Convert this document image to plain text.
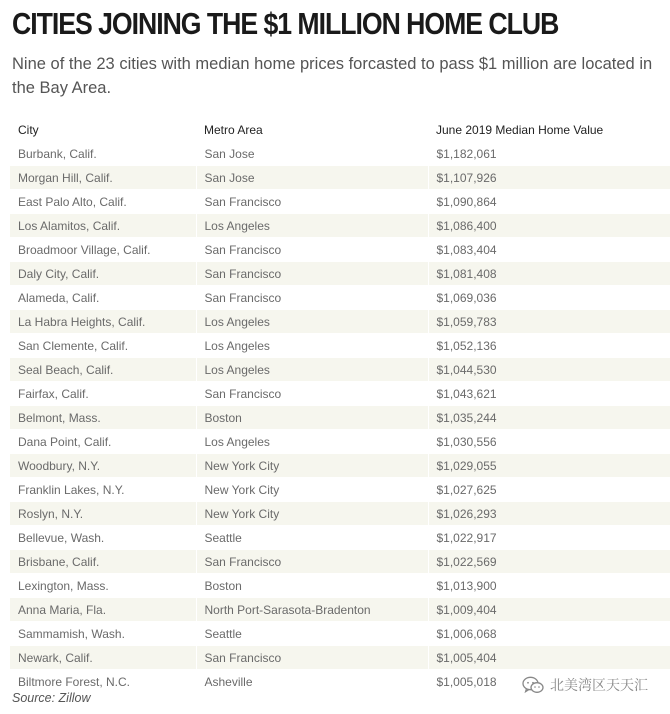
CITIES JOINING THE $1 MILLION HOME CLUB

Nine of the 23 cities with median home prices forcasted to pass $1 million are located in the Bay Area.

City	Metro Area	June 2019 Median Home Value
Burbank, Calif.	San Jose	$1,182,061
Morgan Hill, Calif.	San Jose	$1,107,926
East Palo Alto, Calif.	San Francisco	$1,090,864
Los Alamitos, Calif.	Los Angeles	$1,086,400
Broadmoor Village, Calif.	San Francisco	$1,083,404
Daly City, Calif.	San Francisco	$1,081,408
Alameda, Calif.	San Francisco	$1,069,036
La Habra Heights, Calif.	Los Angeles	$1,059,783
San Clemente, Calif.	Los Angeles	$1,052,136
Seal Beach, Calif.	Los Angeles	$1,044,530
Fairfax, Calif.	San Francisco	$1,043,621
Belmont, Mass.	Boston	$1,035,244
Dana Point, Calif.	Los Angeles	$1,030,556
Woodbury, N.Y.	New York City	$1,029,055
Franklin Lakes, N.Y.	New York City	$1,027,625
Roslyn, N.Y.	New York City	$1,026,293
Bellevue, Wash.	Seattle	$1,022,917
Brisbane, Calif.	San Francisco	$1,022,569
Lexington, Mass.	Boston	$1,013,900
Anna Maria, Fla.	North Port-Sarasota-Bradenton	$1,009,404
Sammamish, Wash.	Seattle	$1,006,068
Newark, Calif.	San Francisco	$1,005,404
Biltmore Forest, N.C.	Asheville	$1,005,018
Source: Zillow
北美湾区天天汇
